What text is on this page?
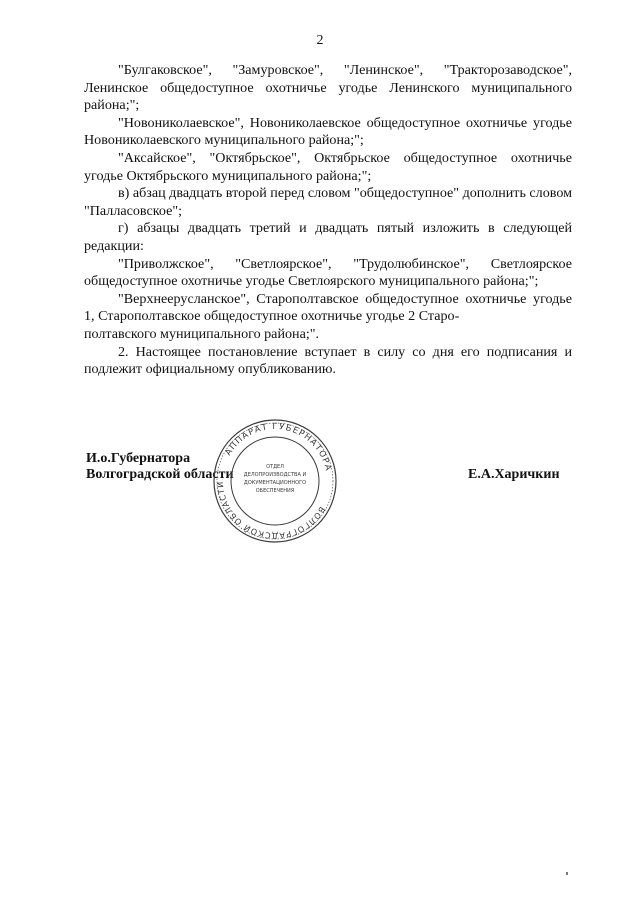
2

"Булгаковское", "Замуровское", "Ленинское", "Тракторозаводское", Ленинское общедоступное охотничье угодье Ленинского муниципального района;";

"Новониколаевское", Новониколаевское общедоступное охотничье угодье Новониколаевского муниципального района;";

"Аксайское", "Октябрьское", Октябрьское общедоступное охотничье угодье Октябрьского муниципального района;";

в) абзац двадцать второй перед словом "общедоступное" дополнить словом "Палласовское";

г) абзацы двадцать третий и двадцать пятый изложить в следующей редакции:

"Приволжское", "Светлоярское", "Трудолюбинское", Светлоярское общедоступное охотничье угодье Светлоярского муниципального района;";

"Верхнеерусланское", Старополтавское общедоступное охотничье угодье 1, Старополтавское общедоступное охотничье угодье 2 Старо-
полтавского муниципального района;".

2. Настоящее постановление вступает в силу со дня его подписания и подлежит официальному опубликованию.

И.о.Губернатора
Волгоградской области	Е.А.Харичкин
АППАРАТ ГУБЕРНАТОРА
ВОЛГОГРАДСКОЙ ОБЛАСТИ
ОТДЕЛ
ДЕЛОПРОИЗВОДСТВА И
ДОКУМЕНТАЦИОННОГО
ОБЕСПЕЧЕНИЯ
